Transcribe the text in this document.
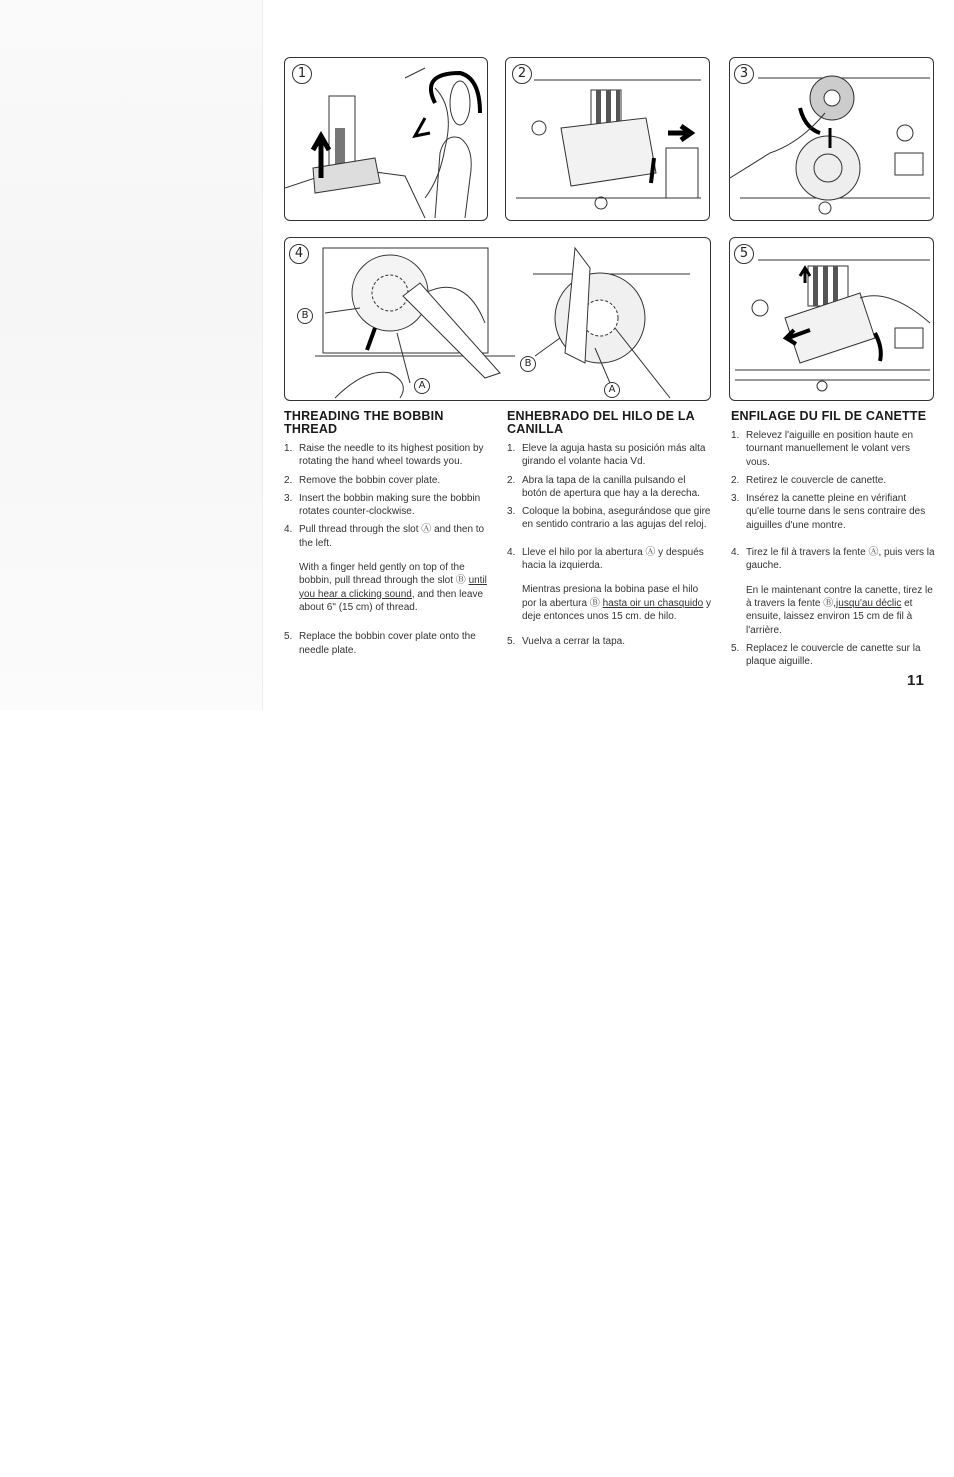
1	2	3
4
B
A
B
A
5
THREADING THE BOBBIN THREAD
1. Raise the needle to its highest position by rotating the hand wheel towards you.
2. Remove the bobbin cover plate.
3. Insert the bobbin making sure the bobbin rotates counter-clockwise.
4. Pull thread through the slot Ⓐ and then to the left.

With a finger held gently on top of the bobbin, pull thread through the slot Ⓑ until you hear a clicking sound, and then leave about 6" (15 cm) of thread.

5. Replace the bobbin cover plate onto the needle plate.
ENHEBRADO DEL HILO DE LA CANILLA
1. Eleve la aguja hasta su posición más alta girando el volante hacia Vd.
2. Abra la tapa de la canilla pulsando el botón de apertura que hay a la derecha.
3. Coloque la bobina, asegurándose que gire en sentido contrario a las agujas del reloj.
4. Lleve el hilo por la abertura Ⓐ y después hacia la izquierda.

Mientras presiona la bobina pase el hilo por la abertura Ⓑ hasta oir un chasquido y deje entonces unos 15 cm. de hilo.

5. Vuelva a cerrar la tapa.
ENFILAGE DU FIL DE CANETTE
1. Relevez l'aiguille en position haute en tournant manuellement le volant vers vous.
2. Retirez le couvercle de canette.
3. Insérez la canette pleine en vérifiant qu'elle tourne dans le sens contraire des aiguilles d'une montre.
4. Tirez le fil à travers la fente Ⓐ, puis vers la gauche.

En le maintenant contre la canette, tirez le à travers la fente Ⓑ,jusqu'au déclic et ensuite, laissez environ 15 cm de fil à l'arrière.

5. Replacez le couvercle de canette sur la plaque aiguille.
11
